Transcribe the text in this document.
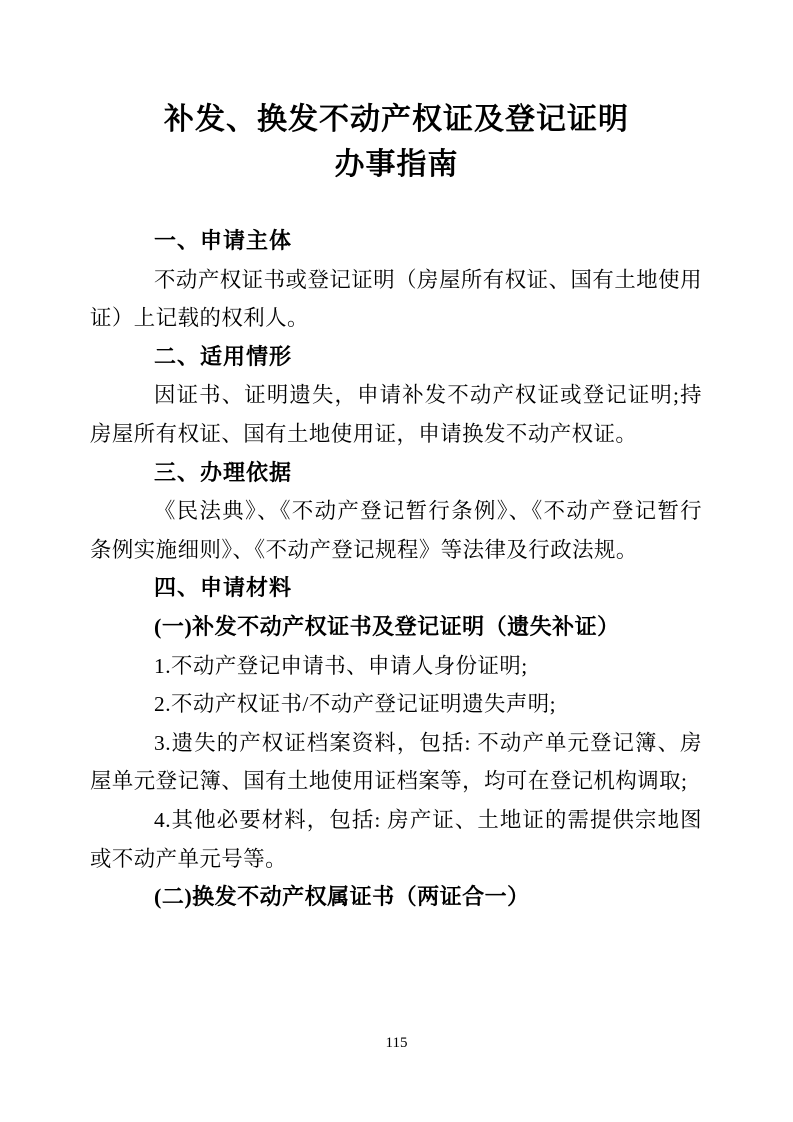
补发、换发不动产权证及登记证明
办事指南
一、申请主体
不动产权证书或登记证明（房屋所有权证、国有土地使用证）上记载的权利人。
二、适用情形
因证书、证明遗失，申请补发不动产权证或登记证明;持房屋所有权证、国有土地使用证，申请换发不动产权证。
三、办理依据
《民法典》、《不动产登记暂行条例》、《不动产登记暂行条例实施细则》、《不动产登记规程》等法律及行政法规。
四、申请材料
(一)补发不动产权证书及登记证明（遗失补证）
1.不动产登记申请书、申请人身份证明;
2.不动产权证书/不动产登记证明遗失声明;
3.遗失的产权证档案资料，包括: 不动产单元登记簿、房屋单元登记簿、国有土地使用证档案等，均可在登记机构调取;
4.其他必要材料，包括: 房产证、土地证的需提供宗地图或不动产单元号等。
(二)换发不动产权属证书（两证合一）
115
